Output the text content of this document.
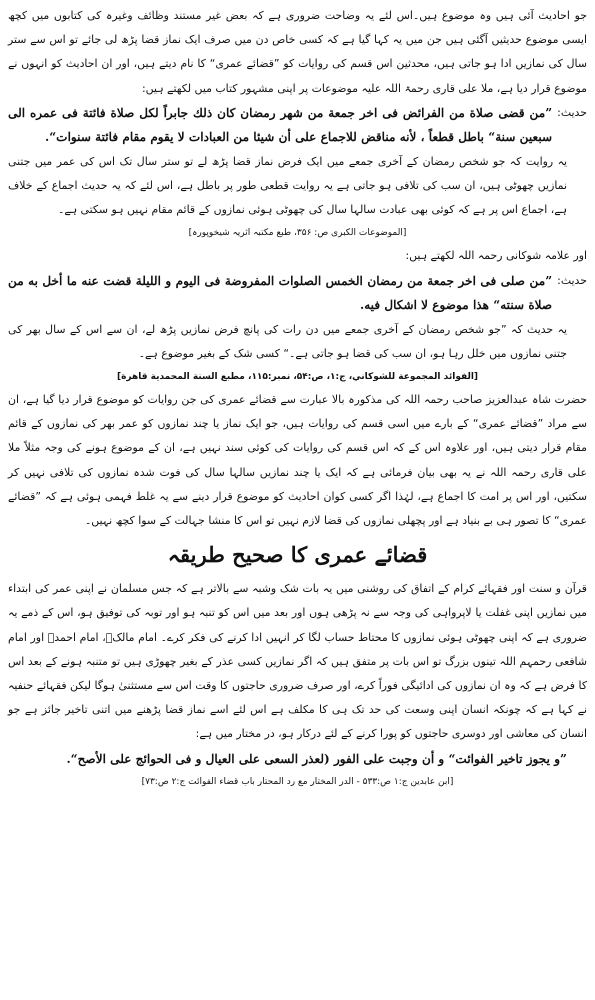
جو احادیث آئی ہیں وہ موضوع ہیں۔اس لئے یہ وضاحت ضروری ہے کہ بعض غیر مستند وظائف وغیرہ کی کتابوں میں کچھ ایسی موضوع حدیثیں آگئی ہیں جن میں یہ کہا گیا ہے کہ کسی خاص دن میں صرف ایک نماز قضا پڑھ لی جائے تو اس سے ستر سال کی نمازیں ادا ہو جاتی ہیں، محدثین اس قسم کی روایات کو ”قضائے عمری“ کا نام دیتے ہیں، اور ان احادیث کو انہوں نے موضوع قرار دیا ہے، ملا علی قاری رحمۃ اللہ علیہ موضوعات پر اپنی مشہور کتاب میں لکھتے ہیں:

حدیث:

”من قضى صلاة من الفرائض فى اخر جمعة من شهر رمضان كان ذلك جابراً لكل صلاة فائتة فى عمره الى سبعين سنة“ باطل قطعاً ، لأنه مناقض للاجماع على أن شيئا من العبادات لا يقوم مقام فائتة سنوات“.

یہ روایت کہ جو شخص رمضان کے آخری جمعے میں ایک فرض نماز قضا پڑھ لے تو ستر سال تک اس کی عمر میں جتنی نمازیں چھوٹی ہیں، ان سب کی تلافی ہو جاتی ہے یہ روایت قطعی طور پر باطل ہے، اس لئے کہ یہ حدیث اجماع کے خلاف ہے، اجماع اس پر ہے کہ کوئی بھی عبادت سالہا سال کی چھوٹی ہوئی نمازوں کے قائم مقام نہیں ہو سکتی ہے۔

[الموضوعات الکبری ص: ۳۵۶، طبع مکتبہ اثریہ شیخوپورہ]

اور علامہ شوکانی رحمہ اللہ لکھتے ہیں:

حدیث:

”من صلى فى اخر جمعة من رمضان الخمس الصلوات المفروضة فى اليوم و الليلة قضت عنه ما أخل به من صلاة سنته“ هذا موضوع لا اشكال فيه.

یہ حدیث کہ ”جو شخص رمضان کے آخری جمعے میں دن رات کی پانچ فرض نمازیں پڑھ لے، ان سے اس کے سال بھر کی جتنی نمازوں میں خلل رہا ہو، ان سب کی قضا ہو جاتی ہے۔“ کسی شک کے بغیر موضوع ہے۔

[الفوائد المجموعة للشوكاني، ج:۱، ص:۵۴، نمبر:۱۱۵، مطبع السنة المحمدية قاهرة]

حضرت شاہ عبدالعزیز صاحب رحمہ اللہ کی مذکورہ بالا عبارت سے قضائے عمری کی جن روایات کو موضوع قرار دیا گیا ہے، ان سے مراد ”قضائے عمری“ کے بارے میں اسی قسم کی روایات ہیں، جو ایک نماز یا چند نمازوں کو عمر بھر کی نمازوں کے قائم مقام قرار دیتی ہیں، اور علاوہ اس کے کہ اس قسم کی روایات کی کوئی سند نہیں ہے، ان کے موضوع ہونے کی وجہ مثلاً ملا علی قاری رحمہ اللہ نے یہ بھی بیان فرمائی ہے کہ ایک یا چند نمازیں سالہا سال کی فوت شدہ نمازوں کی تلافی نہیں کر سکتیں، اور اس پر امت کا اجماع ہے، لہٰذا اگر کسی کوان احادیث کو موضوع قرار دینے سے یہ غلط فہمی ہوئی ہے کہ ”قضائے عمری“ کا تصور ہی بے بنیاد ہے اور پچھلی نمازوں کی قضا لازم نہیں تو اس کا منشا جہالت کے سوا کچھ نہیں۔

قضائے عمری کا صحیح طریقہ

قرآن و سنت اور فقہائے کرام کے اتفاق کی روشنی میں یہ بات شک وشبہ سے بالاتر ہے کہ جس مسلمان نے اپنی عمر کی ابتداء میں نمازیں اپنی غفلت یا لاپرواہی کی وجہ سے نہ پڑھی ہوں اور بعد میں اس کو تنبہ ہو اور توبہ کی توفیق ہو، اس کے ذمے یہ ضروری ہے کہ اپنی چھوٹی ہوئی نمازوں کا محتاط حساب لگا کر انہیں ادا کرنے کی فکر کرے۔ امام مالکؒ، امام احمدؒ اور امام شافعی رحمہم اللہ تینوں بزرگ تو اس بات پر متفق ہیں کہ اگر نمازیں کسی عذر کے بغیر چھوڑی ہیں تو متنبہ ہونے کے بعد اس کا فرض ہے کہ وہ ان نمازوں کی ادائیگی فوراً کرے، اور صرف ضروری حاجتوں کا وقت اس سے مستثنیٰ ہوگا لیکن فقہائے حنفیہ نے کہا ہے کہ چونکہ انسان اپنی وسعت کی حد تک ہی کا مکلف ہے اس لئے اسے نماز قضا پڑھنے میں اتنی تاخیر جائز ہے جو انسان کی معاشی اور دوسری حاجتوں کو پورا کرنے کے لئے درکار ہو، در مختار میں ہے:

”و يجوز تاخير الفوائت“ و أن وجبت على الفور (لعذر السعى على العيال و فى الحوائج على الأصح“.

[ابن عابدين ج:۱ ص:۵۳۳ - الدر المختار مع رد المحتار باب قضاء الفوائت ج:۲ ص:۷۳]
